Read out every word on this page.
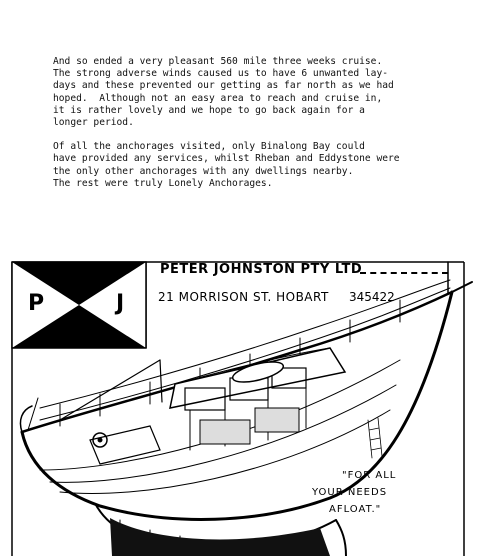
And so ended a very pleasant 560 mile three weeks cruise.
The strong adverse winds caused us to have 6 unwanted lay-
days and these prevented our getting as far north as we had
hoped.  Although not an easy area to reach and cruise in,
it is rather lovely and we hope to go back again for a
longer period.

Of all the anchorages visited, only Binalong Bay could
have provided any services, whilst Rheban and Eddystone were
the only other anchorages with any dwellings nearby.
The rest were truly Lonely Anchorages.

P	J
PETER JOHNSTON PTY LTD
21 MORRISON ST. HOBART 345422
"FOR ALL
YOUR NEEDS
AFLOAT."
